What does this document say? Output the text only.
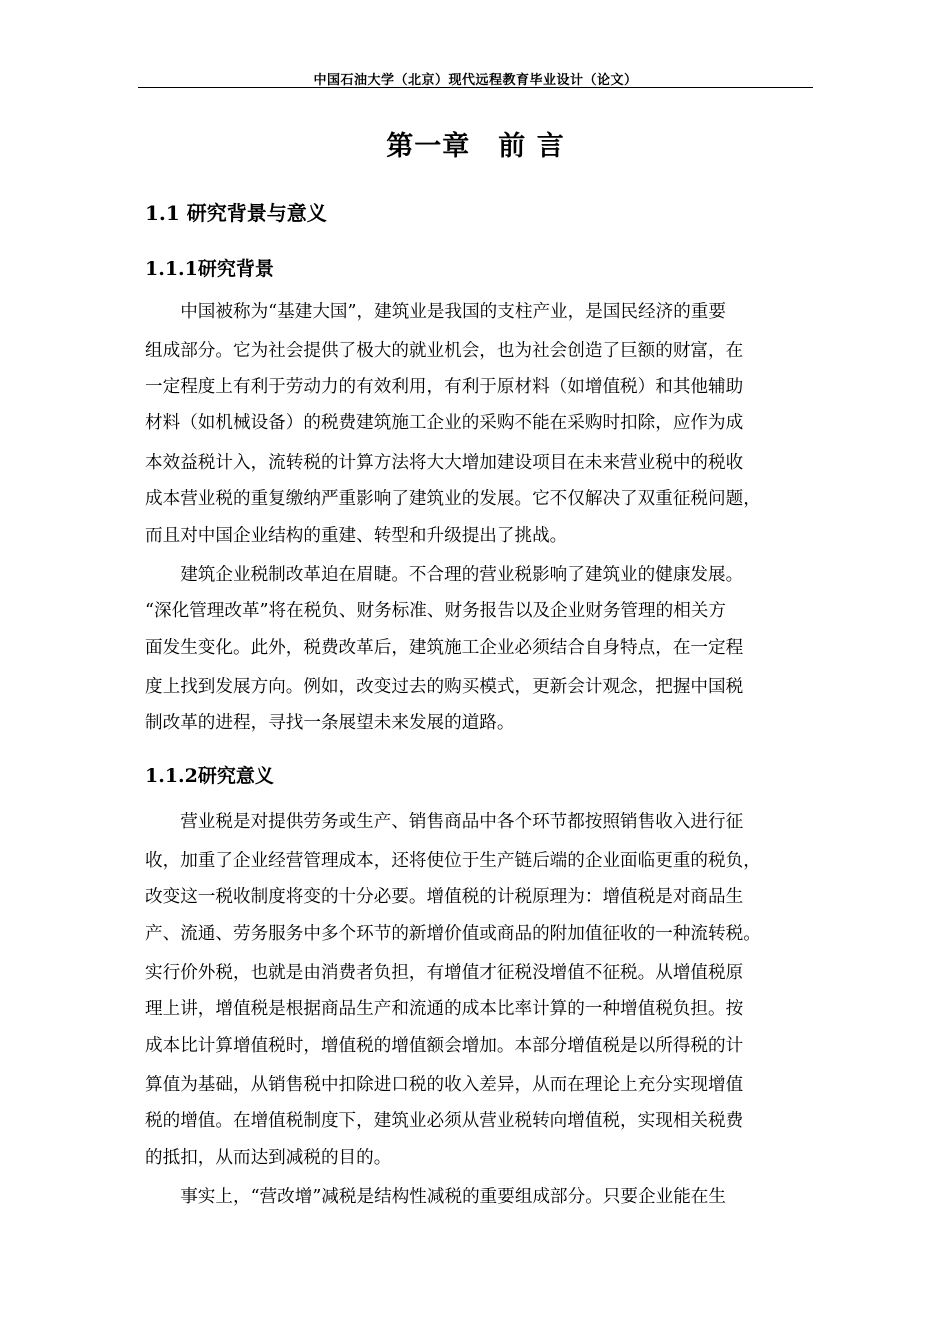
中国石油大学（北京）现代远程教育毕业设计（论文）
第一章　前 言
1.1 研究背景与意义
1.1.1研究背景
　　中国被称为“基建大国”，建筑业是我国的支柱产业，是国民经济的重要
组成部分。它为社会提供了极大的就业机会，也为社会创造了巨额的财富，在
一定程度上有利于劳动力的有效利用，有利于原材料（如增值税）和其他辅助
材料（如机械设备）的税费建筑施工企业的采购不能在采购时扣除，应作为成
本效益税计入，流转税的计算方法将大大增加建设项目在未来营业税中的税收
成本营业税的重复缴纳严重影响了建筑业的发展。它不仅解决了双重征税问题，
而且对中国企业结构的重建、转型和升级提出了挑战。
　　建筑企业税制改革迫在眉睫。不合理的营业税影响了建筑业的健康发展。
“深化管理改革”将在税负、财务标准、财务报告以及企业财务管理的相关方
面发生变化。此外，税费改革后，建筑施工企业必须结合自身特点，在一定程
度上找到发展方向。例如，改变过去的购买模式，更新会计观念，把握中国税
制改革的进程，寻找一条展望未来发展的道路。
1.1.2研究意义
　　营业税是对提供劳务或生产、销售商品中各个环节都按照销售收入进行征
收，加重了企业经营管理成本，还将使位于生产链后端的企业面临更重的税负，
改变这一税收制度将变的十分必要。增值税的计税原理为：增值税是对商品生
产、流通、劳务服务中多个环节的新增价值或商品的附加值征收的一种流转税。
实行价外税，也就是由消费者负担，有增值才征税没增值不征税。从增值税原
理上讲，增值税是根据商品生产和流通的成本比率计算的一种增值税负担。按
成本比计算增值税时，增值税的增值额会增加。本部分增值税是以所得税的计
算值为基础，从销售税中扣除进口税的收入差异，从而在理论上充分实现增值
税的增值。在增值税制度下，建筑业必须从营业税转向增值税，实现相关税费
的抵扣，从而达到减税的目的。
　　事实上，“营改增”减税是结构性减税的重要组成部分。只要企业能在生
